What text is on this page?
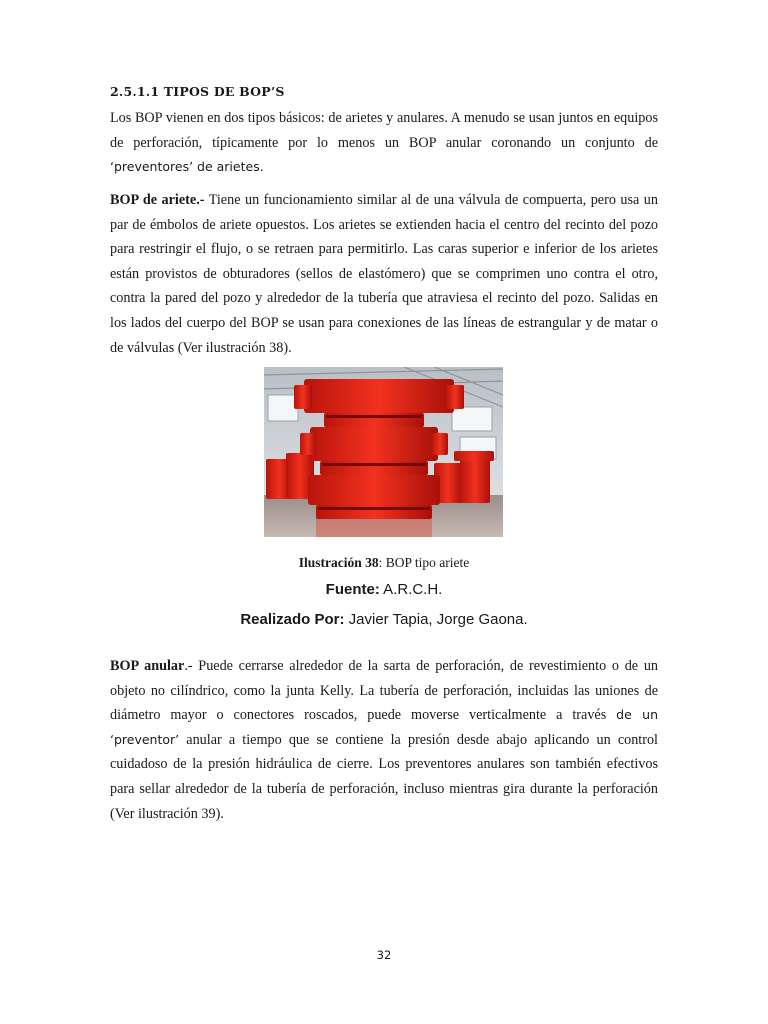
2.5.1.1 TIPOS DE BOP’S

Los BOP vienen en dos tipos básicos: de arietes y anulares. A menudo se usan juntos en equipos de perforación, típicamente por lo menos un BOP anular coronando un conjunto de ‘preventores’ de arietes.

BOP de ariete.- Tiene un funcionamiento similar al de una válvula de compuerta, pero usa un par de émbolos de ariete opuestos. Los arietes se extienden hacia el centro del recinto del pozo para restringir el flujo, o se retraen para permitirlo. Las caras superior e inferior de los arietes están provistos de obturadores (sellos de elastómero) que se comprimen uno contra el otro, contra la pared del pozo y alrededor de la tubería que atraviesa el recinto del pozo. Salidas en los lados del cuerpo del BOP se usan para conexiones de las líneas de estrangular y de matar o de válvulas (Ver ilustración 38).

BOP anular.- Puede cerrarse alrededor de la sarta de perforación, de revestimiento o de un objeto no cilíndrico, como la junta Kelly. La tubería de perforación, incluidas las uniones de diámetro mayor o conectores roscados, puede moverse verticalmente a través de un ‘preventor’ anular a tiempo que se contiene la presión desde abajo aplicando un control cuidadoso de la presión hidráulica de cierre. Los preventores anulares son también efectivos para sellar alrededor de la tubería de perforación, incluso mientras gira durante la perforación (Ver ilustración 39).

Ilustración 38: BOP tipo ariete
Fuente: A.R.C.H.
Realizado Por: Javier Tapia, Jorge Gaona.
32
